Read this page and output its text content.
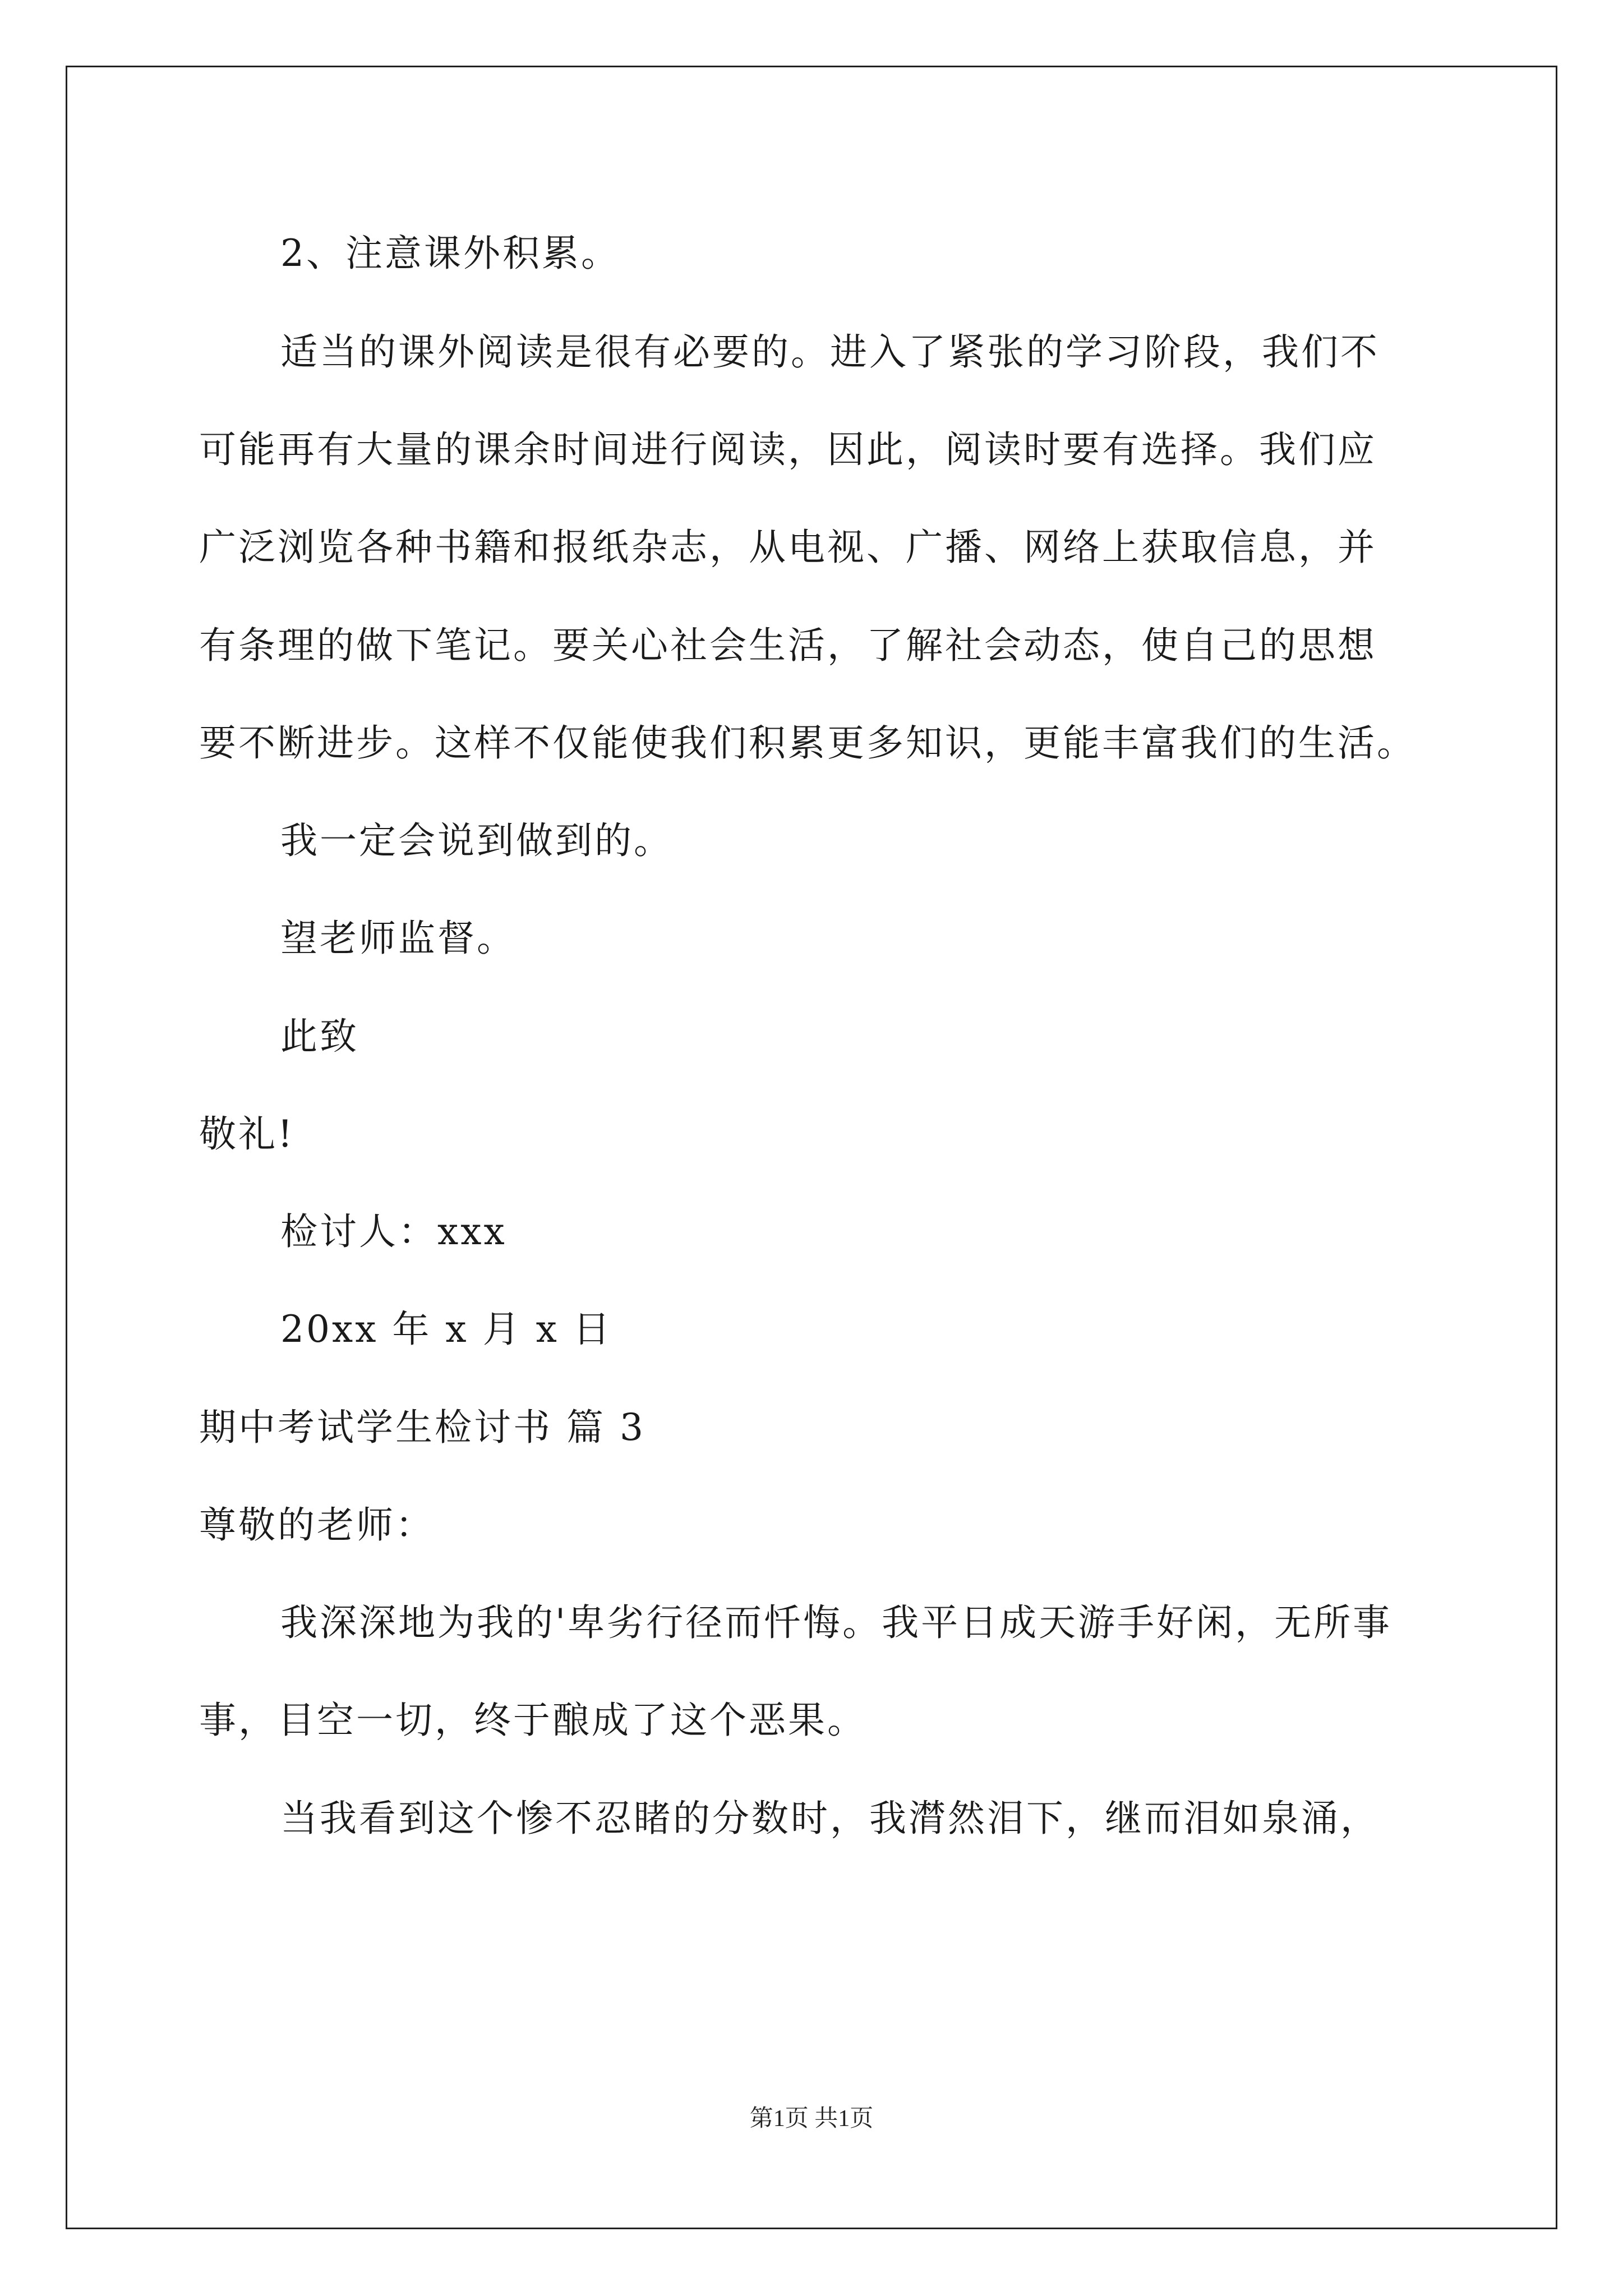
2、注意课外积累。
适当的课外阅读是很有必要的。进入了紧张的学习阶段，我们不
可能再有大量的课余时间进行阅读，因此，阅读时要有选择。我们应
广泛浏览各种书籍和报纸杂志，从电视、广播、网络上获取信息，并
有条理的做下笔记。要关心社会生活，了解社会动态，使自己的思想
要不断进步。这样不仅能使我们积累更多知识，更能丰富我们的生活。
我一定会说到做到的。
望老师监督。
此致
敬礼!
检讨人：xxx
20xx 年 x 月 x 日
期中考试学生检讨书 篇 3
尊敬的老师：
我深深地为我的'卑劣行径而忏悔。我平日成天游手好闲，无所事
事，目空一切，终于酿成了这个恶果。
当我看到这个惨不忍睹的分数时，我潸然泪下，继而泪如泉涌，
第1页 共1页
